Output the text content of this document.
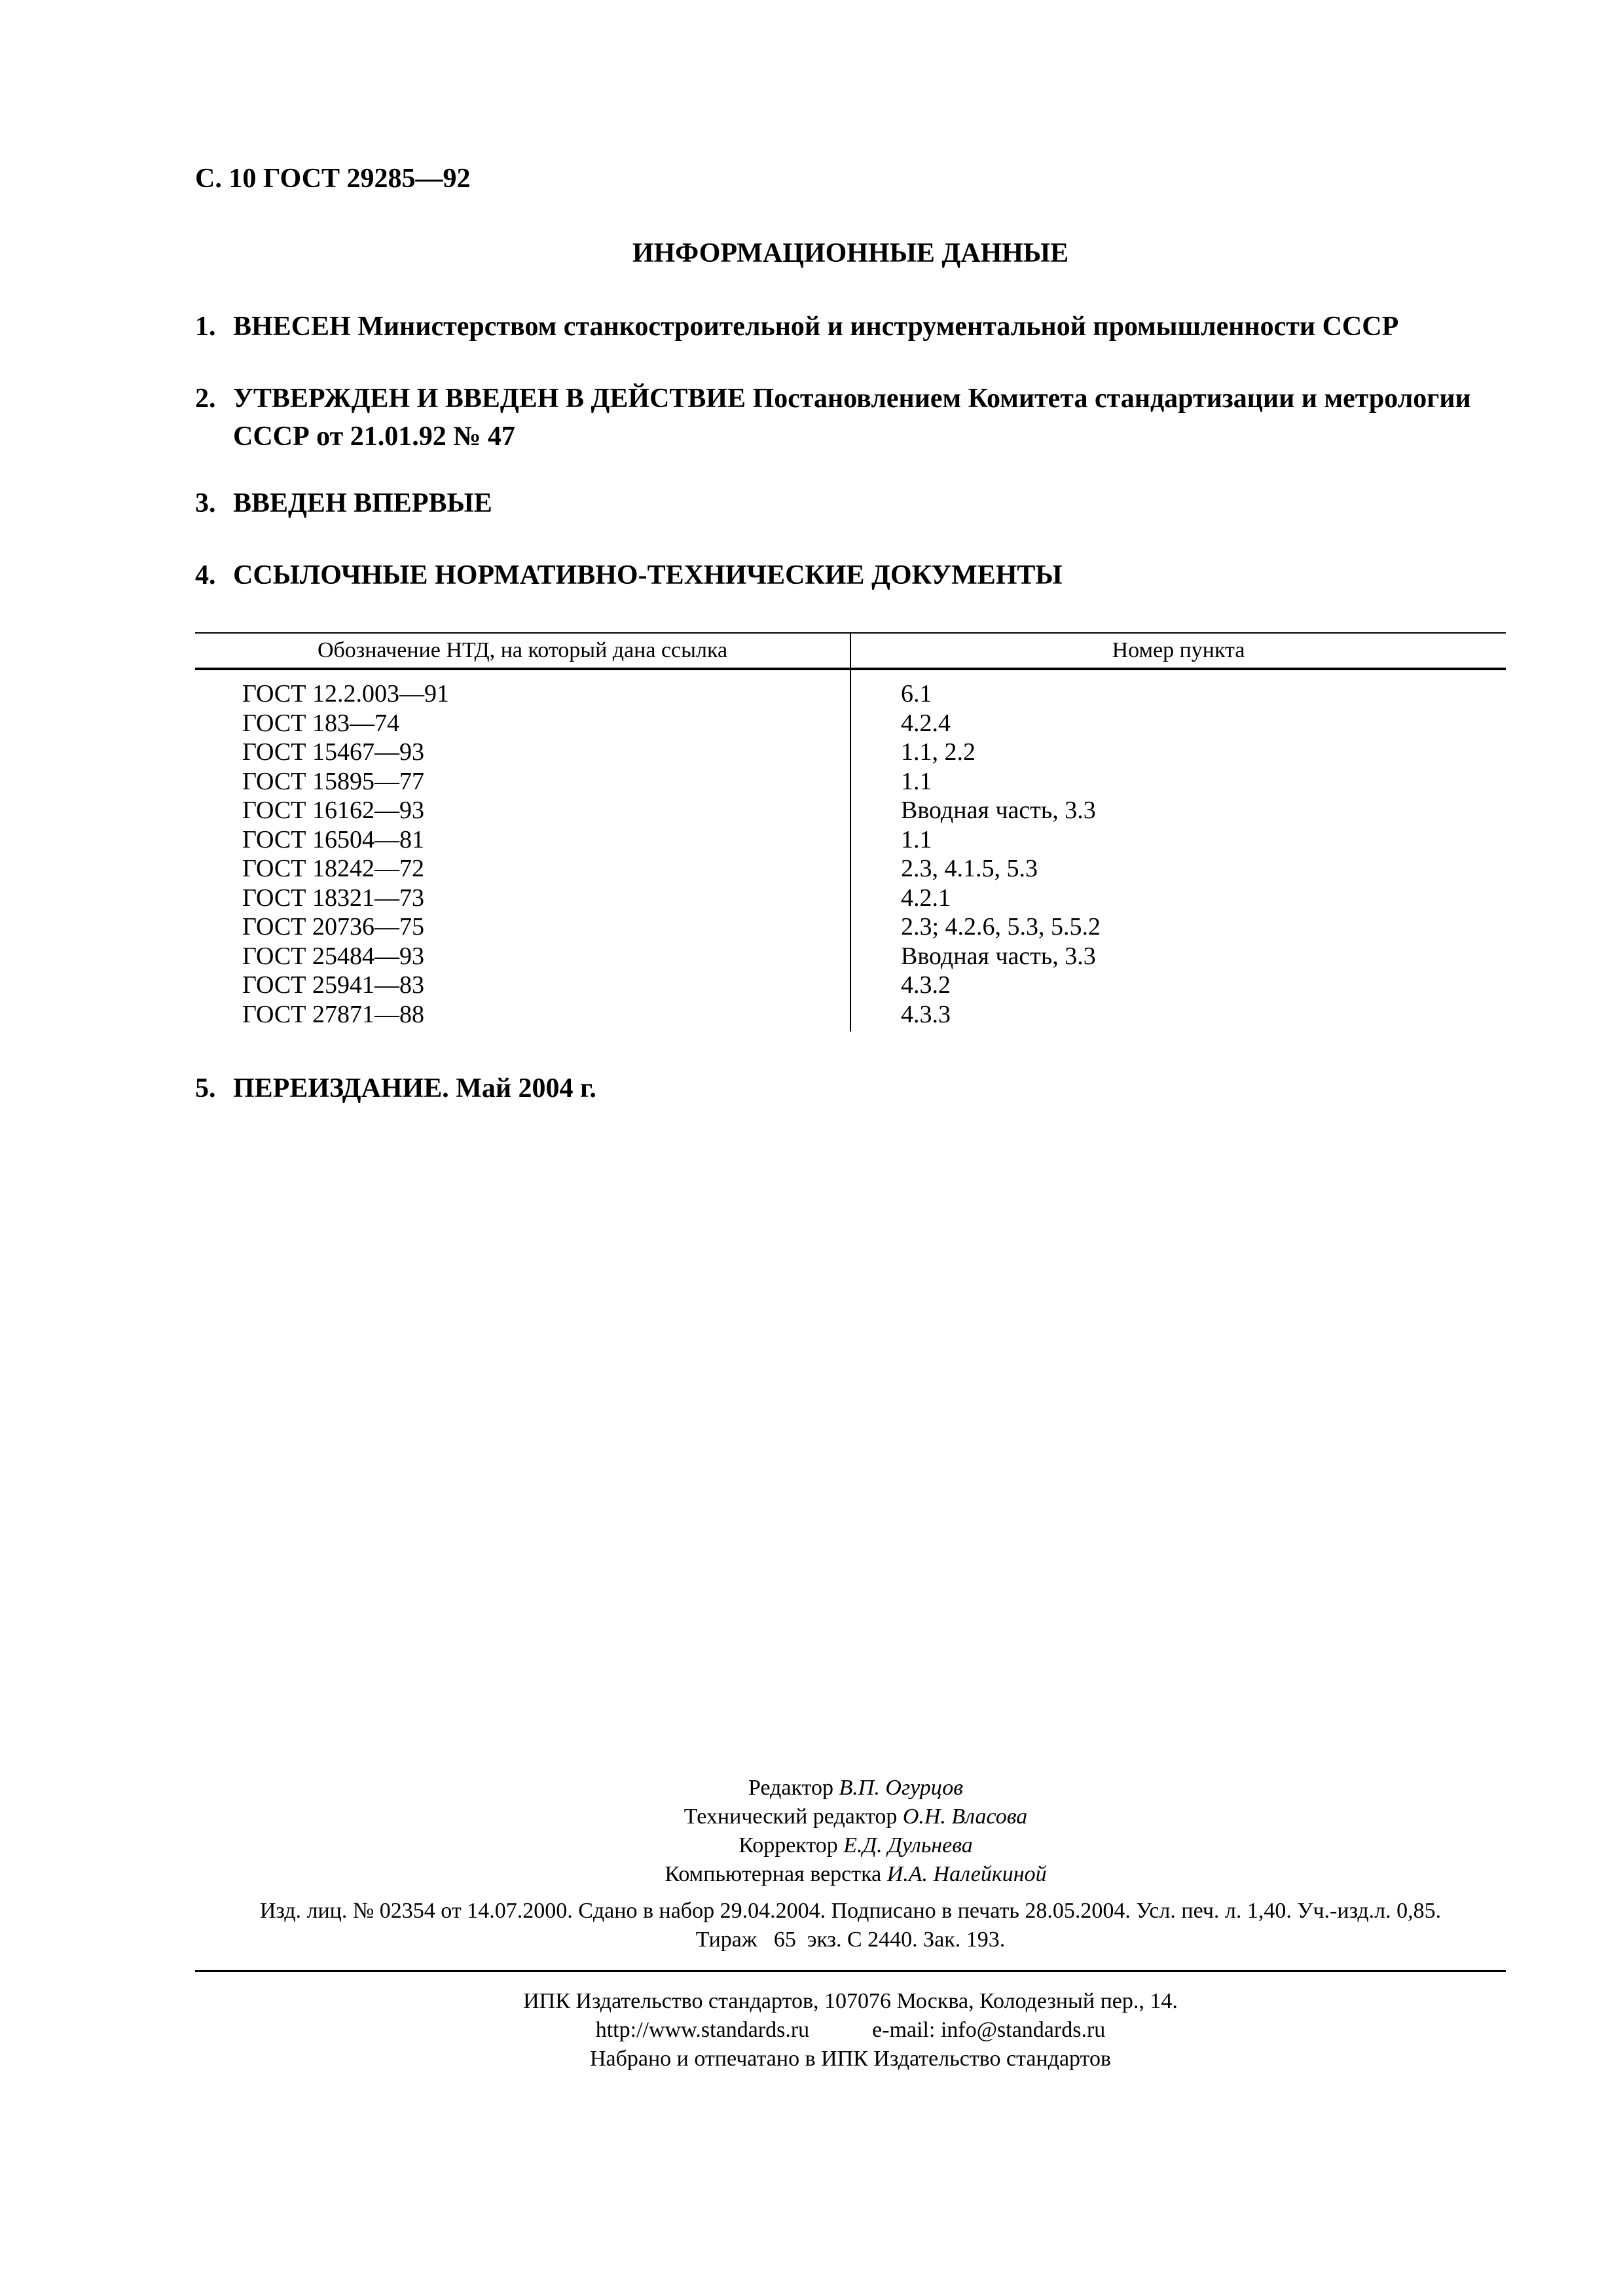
С. 10 ГОСТ 29285—92
ИНФОРМАЦИОННЫЕ ДАННЫЕ
1. ВНЕСЕН Министерством станкостроительной и инструментальной промышленности СССР
2. УТВЕРЖДЕН И ВВЕДЕН В ДЕЙСТВИЕ Постановлением Комитета стандартизации и метрологии СССР от 21.01.92 № 47
3. ВВЕДЕН ВПЕРВЫЕ
4. ССЫЛОЧНЫЕ НОРМАТИВНО-ТЕХНИЧЕСКИЕ ДОКУМЕНТЫ
Обозначение НТД, на который дана ссылка	Номер пункта
ГОСТ 12.2.003—91	6.1
ГОСТ 183—74	4.2.4
ГОСТ 15467—93	1.1, 2.2
ГОСТ 15895—77	1.1
ГОСТ 16162—93	Вводная часть, 3.3
ГОСТ 16504—81	1.1
ГОСТ 18242—72	2.3, 4.1.5, 5.3
ГОСТ 18321—73	4.2.1
ГОСТ 20736—75	2.3; 4.2.6, 5.3, 5.5.2
ГОСТ 25484—93	Вводная часть, 3.3
ГОСТ 25941—83	4.3.2
ГОСТ 27871—88	4.3.3
5. ПЕРЕИЗДАНИЕ. Май 2004 г.
Редактор В.П. Огурцов
Технический редактор О.Н. Власова
Корректор Е.Д. Дульнева
Компьютерная верстка И.А. Налейкиной
Изд. лиц. № 02354 от 14.07.2000. Сдано в набор 29.04.2004. Подписано в печать 28.05.2004. Усл. печ. л. 1,40. Уч.-изд.л. 0,85.
Тираж   65  экз. С 2440. Зак. 193.
ИПК Издательство стандартов, 107076 Москва, Колодезный пер., 14.
http://www.standards.ru	e-mail: info@standards.ru
Набрано и отпечатано в ИПК Издательство стандартов
